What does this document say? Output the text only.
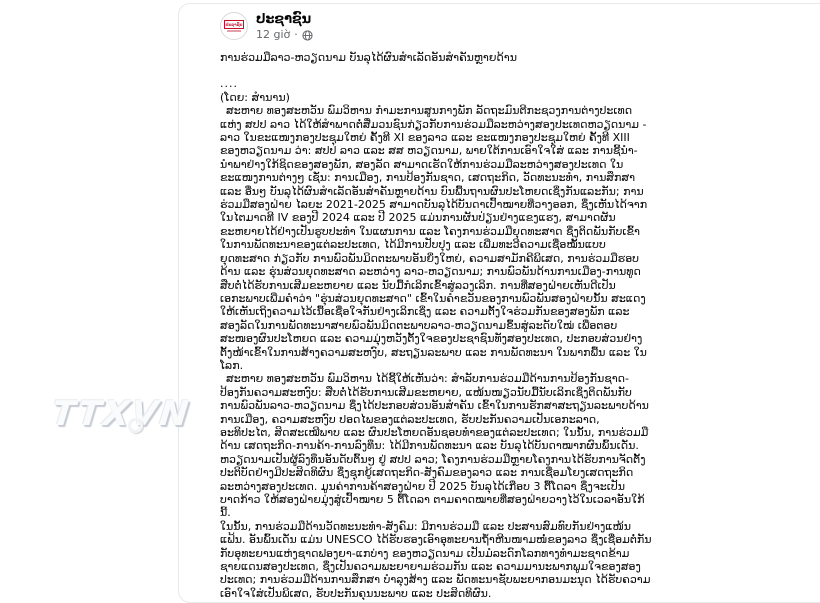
ປະຊາຊົນ ປະຊາຊົນ
12 giờ ·

ການຮ່ວມມືລາວ-ຫວຽດນາມ ບັນລຸໄດ້ຜົນສຳເລັດອັນສຳຄັນຫຼາຍດ້ານ

....

(ໂດຍ: ສຳນານ)

ສະຫາຍ ທອງສະຫວັນ ພົມວິຫານ ກຳມະການສູນກາງພັກ ລັດຖະມົນຕີກະຊວງການຕ່າງປະເທດ ແຫ່ງ ສປປ ລາວ ໄດ້ໃຫ້ສຳພາດຕໍ່ສື່ມວນຊົນກ່ຽວກັບການຮ່ວມມືລະຫວ່າງສອງປະເທດຫວຽດນາມ - ລາວ ໃນຂະແໜງກອງປະຊຸມໃຫຍ່ ຄັ້ງທີ XI ຂອງລາວ ແລະ ຂະແໜງກອງປະຊຸມໃຫຍ່ ຄັ້ງທີ XIII ຂອງຫວຽດນາມ ວ່າ: ສປປ ລາວ ແລະ ສສ ຫວຽດນາມ, ພາຍໃຕ້ການເອົາໃຈໃສ່ ແລະ ການຊີ້ນຳ-ນຳພາຢ່າງໃກ້ຊິດຂອງສອງພັກ, ສອງລັດ ສາມາດເຮັດໃຫ້ການຮ່ວມມືລະຫວ່າງສອງປະເທດ ໃນຂະແໜງການຕ່າງໆ ເຊັ່ນ: ການເມືອງ, ການປ້ອງກັນຊາດ, ເສດຖະກິດ, ວັດທະນະທຳ, ການສຶກສາ ແລະ ອື່ນໆ ບັນລຸໄດ້ຜົນສຳເລັດອັນສຳຄັນຫຼາຍດ້ານ ບົນພື້ນຖານຜົນປະໂຫຍດເຊິ່ງກັນແລະກັນ; ການຮ່ວມມືສອງຝ່າຍ ໄລຍະ 2021-2025 ສາມາດບັນລຸໄດ້ບັນດາເປົ້າໝາຍທີ່ວາງອອກ, ຊຶ່ງເຫັນໄດ້ຈາກ ໃນໄຕມາດທີ IV ຂອງປີ 2024 ແລະ ປີ 2025 ແມ່ນການຜັນປ່ຽນຢ່າງແຂງແຮງ, ສາມາດຜັນຂະຫຍາຍໄດ້ຢ່າງເປັນຮູບປະທຳ ໃນແຜນການ ແລະ ໂຄງການຮ່ວມມືຍຸດທະສາດ ຊຶ່ງຕິດພັນກັບເຂົ້າໃນການພັດທະນາຂອງແຕ່ລະປະເທດ, ໄດ້ມີການປັບປຸງ ແລະ ເພີ່ມທະວີຄວາມເຊື່ອໝັ້ນແບບຍຸດທະສາດ ກ່ຽວກັບ ການພົວພັນມິດຕະພາບອັນຍິ່ງໃຫຍ່, ຄວາມສາມັກຄີພິເສດ, ການຮ່ວມມືຮອບດ້ານ ແລະ ຮຸ່ນສ່ວນຍຸດທະສາດ ລະຫວ່າງ ລາວ-ຫວຽດນາມ; ການພົວພັນດ້ານການເມືອງ-ການທູດ ສືບຕໍ່ໄດ້ຮັບການເສີມຂະຫຍາຍ ແລະ ນັບມື້ກໍເລິກເຂົ້າສູ່ລວງເລິກ. ການທີ່ສອງຝ່າຍເຫັນດີເປັນເອກະພາບເພີ່ມຄຳວ່າ "ຮຸ່ນສ່ວນຍຸດທະສາດ" ເຂົ້າໃນຄຳຂວັນຂອງການພົວພັນສອງຝ່າຍນັ້ນ ສະແດງໃຫ້ເຫັນເຖິງຄວາມໄວ້ເນື້ອເຊື່ອໃຈກັນຢ່າງເລິກເຊິ່ງ ແລະ ຄວາມຕັ້ງໃຈຮ່ວມກັນຂອງສອງພັກ ແລະ ສອງລັດໃນການພັດທະນາສາຍພົວພັນມິດຕະພາບລາວ-ຫວຽດນາມຂຶ້ນສູ່ລະດັບໃໝ່ ເພື່ອຕອບສະໜອງຜົນປະໂຫຍດ ແລະ ຄວາມມຸ່ງຫວັງຕັ້ງໃຈຂອງປະຊາຊົນທັງສອງປະເທດ, ປະກອບສ່ວນຢ່າງຕັ້ງໜ້າເຂົ້າໃນການສ້າງຄວາມສະຫງົບ, ສະຖຽນລະພາບ ແລະ ການພັດທະນາ ໃນພາກພື້ນ ແລະ ໃນໂລກ.

ສະຫາຍ ທອງສະຫວັນ ພົມວິຫານ ໄດ້ຊີ້ໃຫ້ເຫັນວ່າ: ສຳລັບການຮ່ວມມືດ້ານການປ້ອງກັນຊາດ-ປ້ອງກັນຄວາມສະຫງົບ: ສືບຕໍ່ໄດ້ຮັບການເສີມຂະຫຍາຍ, ແໜ້ນໜຽວນັບມື້ນັບເລິກເຊິ່ງຕິດພັນກັບການພົວພັນລາວ-ຫວຽດນາມ ຊຶ່ງໄດ້ປະກອບສ່ວນອັນສຳຄັນ ເຂົ້າໃນການຮັກສາສະຖຽນລະພາບດ້ານການເມືອງ, ຄວາມສະຫງົບ ປອດໄພຂອງແຕ່ລະປະເທດ, ຮັບປະກັນຄວາມເປັນເອກະລາດ, ອະທິປະໄຕ, ສິດສະເໝີພາບ ແລະ ຜົນປະໂຫຍດອັນຊອບທຳຂອງແຕ່ລະປະເທດ; ໃນນັ້ນ, ການຮ່ວມມືດ້ານ ເສດຖະກິດ-ການຄ້າ-ການລົງທຶນ: ໄດ້ມີການພັດທະນາ ແລະ ບັນລຸໄດ້ບັນດາໝາກຜົນພົ້ນເດັ່ນ. ຫວຽດນາມເປັນຜູ້ລົງທຶນອັນດັບຕົ້ນໆ ຢູ່ ສປປ ລາວ; ໂຄງການຮ່ວມມືຫຼາຍໂຄງການໄດ້ຮັບການຈັດຕັ້ງປະຕິບັດຢ່າງມີປະສິດທິຜົນ ຊຶ່ງຊຸກຍູ້ເສດຖະກິດ-ສັງຄົມຂອງລາວ ແລະ ການເຊື່ອມໂຍງເສດຖະກິດລະຫວ່າງສອງປະເທດ. ມູນຄ່າການຄ້າສອງຝ່າຍ ປີ 2025 ບັນລຸໄດ້ເກືອບ 3 ຕື້ໂດລາ ຊຶ່ງຈະເປັນບາດກ້າວ ໃຫ້ສອງຝ່າຍມຸ່ງສູ່ເປົ້າໝາຍ 5 ຕື້ໂດລາ ຕາມຄາດໝາຍທີ່ສອງຝ່າຍວາງໄວ້ໃນເວລາອັນໃກ້ນີ້.

ໃນນັ້ນ, ການຮ່ວມມືດ້ານວັດທະນະທຳ-ສັງຄົມ: ມີການຮ່ວມມື ແລະ ປະສານສົມທົບກັນຢ່າງແໜ້ນແຟ້ນ. ອັນພົ້ນເດັ່ນ ແມ່ນ UNESCO ໄດ້ຮັບຮອງເອົາອຸທະຍານຖ້ຳຫີນໜາມໜໍ່ຂອງລາວ ຊຶ່ງເຊື່ອມຕໍ່ກັນກັບອຸທະຍານແຫ່ງຊາດຟອງຍາ-ແກບ່າງ ຂອງຫວຽດນາມ ເປັນມໍລະດົກໂລກທາງທຳມະຊາດຂ້າມຊາຍແດນສອງປະເທດ, ຊຶ່ງເປັນຄວາມພະຍາຍາມຮ່ວມກັນ ແລະ ຄວາມມານະພາກພູມໃຈຂອງສອງປະເທດ; ການຮ່ວມມືດ້ານການສຶກສາ ບຳລຸງສ້າງ ແລະ ພັດທະນາຊັບພະຍາກອນມະນຸດ ໄດ້ຮັບຄວາມເອົາໃຈໃສ່ເປັນພິເສດ, ຮັບປະກັນຄຸນນະພາບ ແລະ ປະສິດທິຜົນ.

TTXVN
